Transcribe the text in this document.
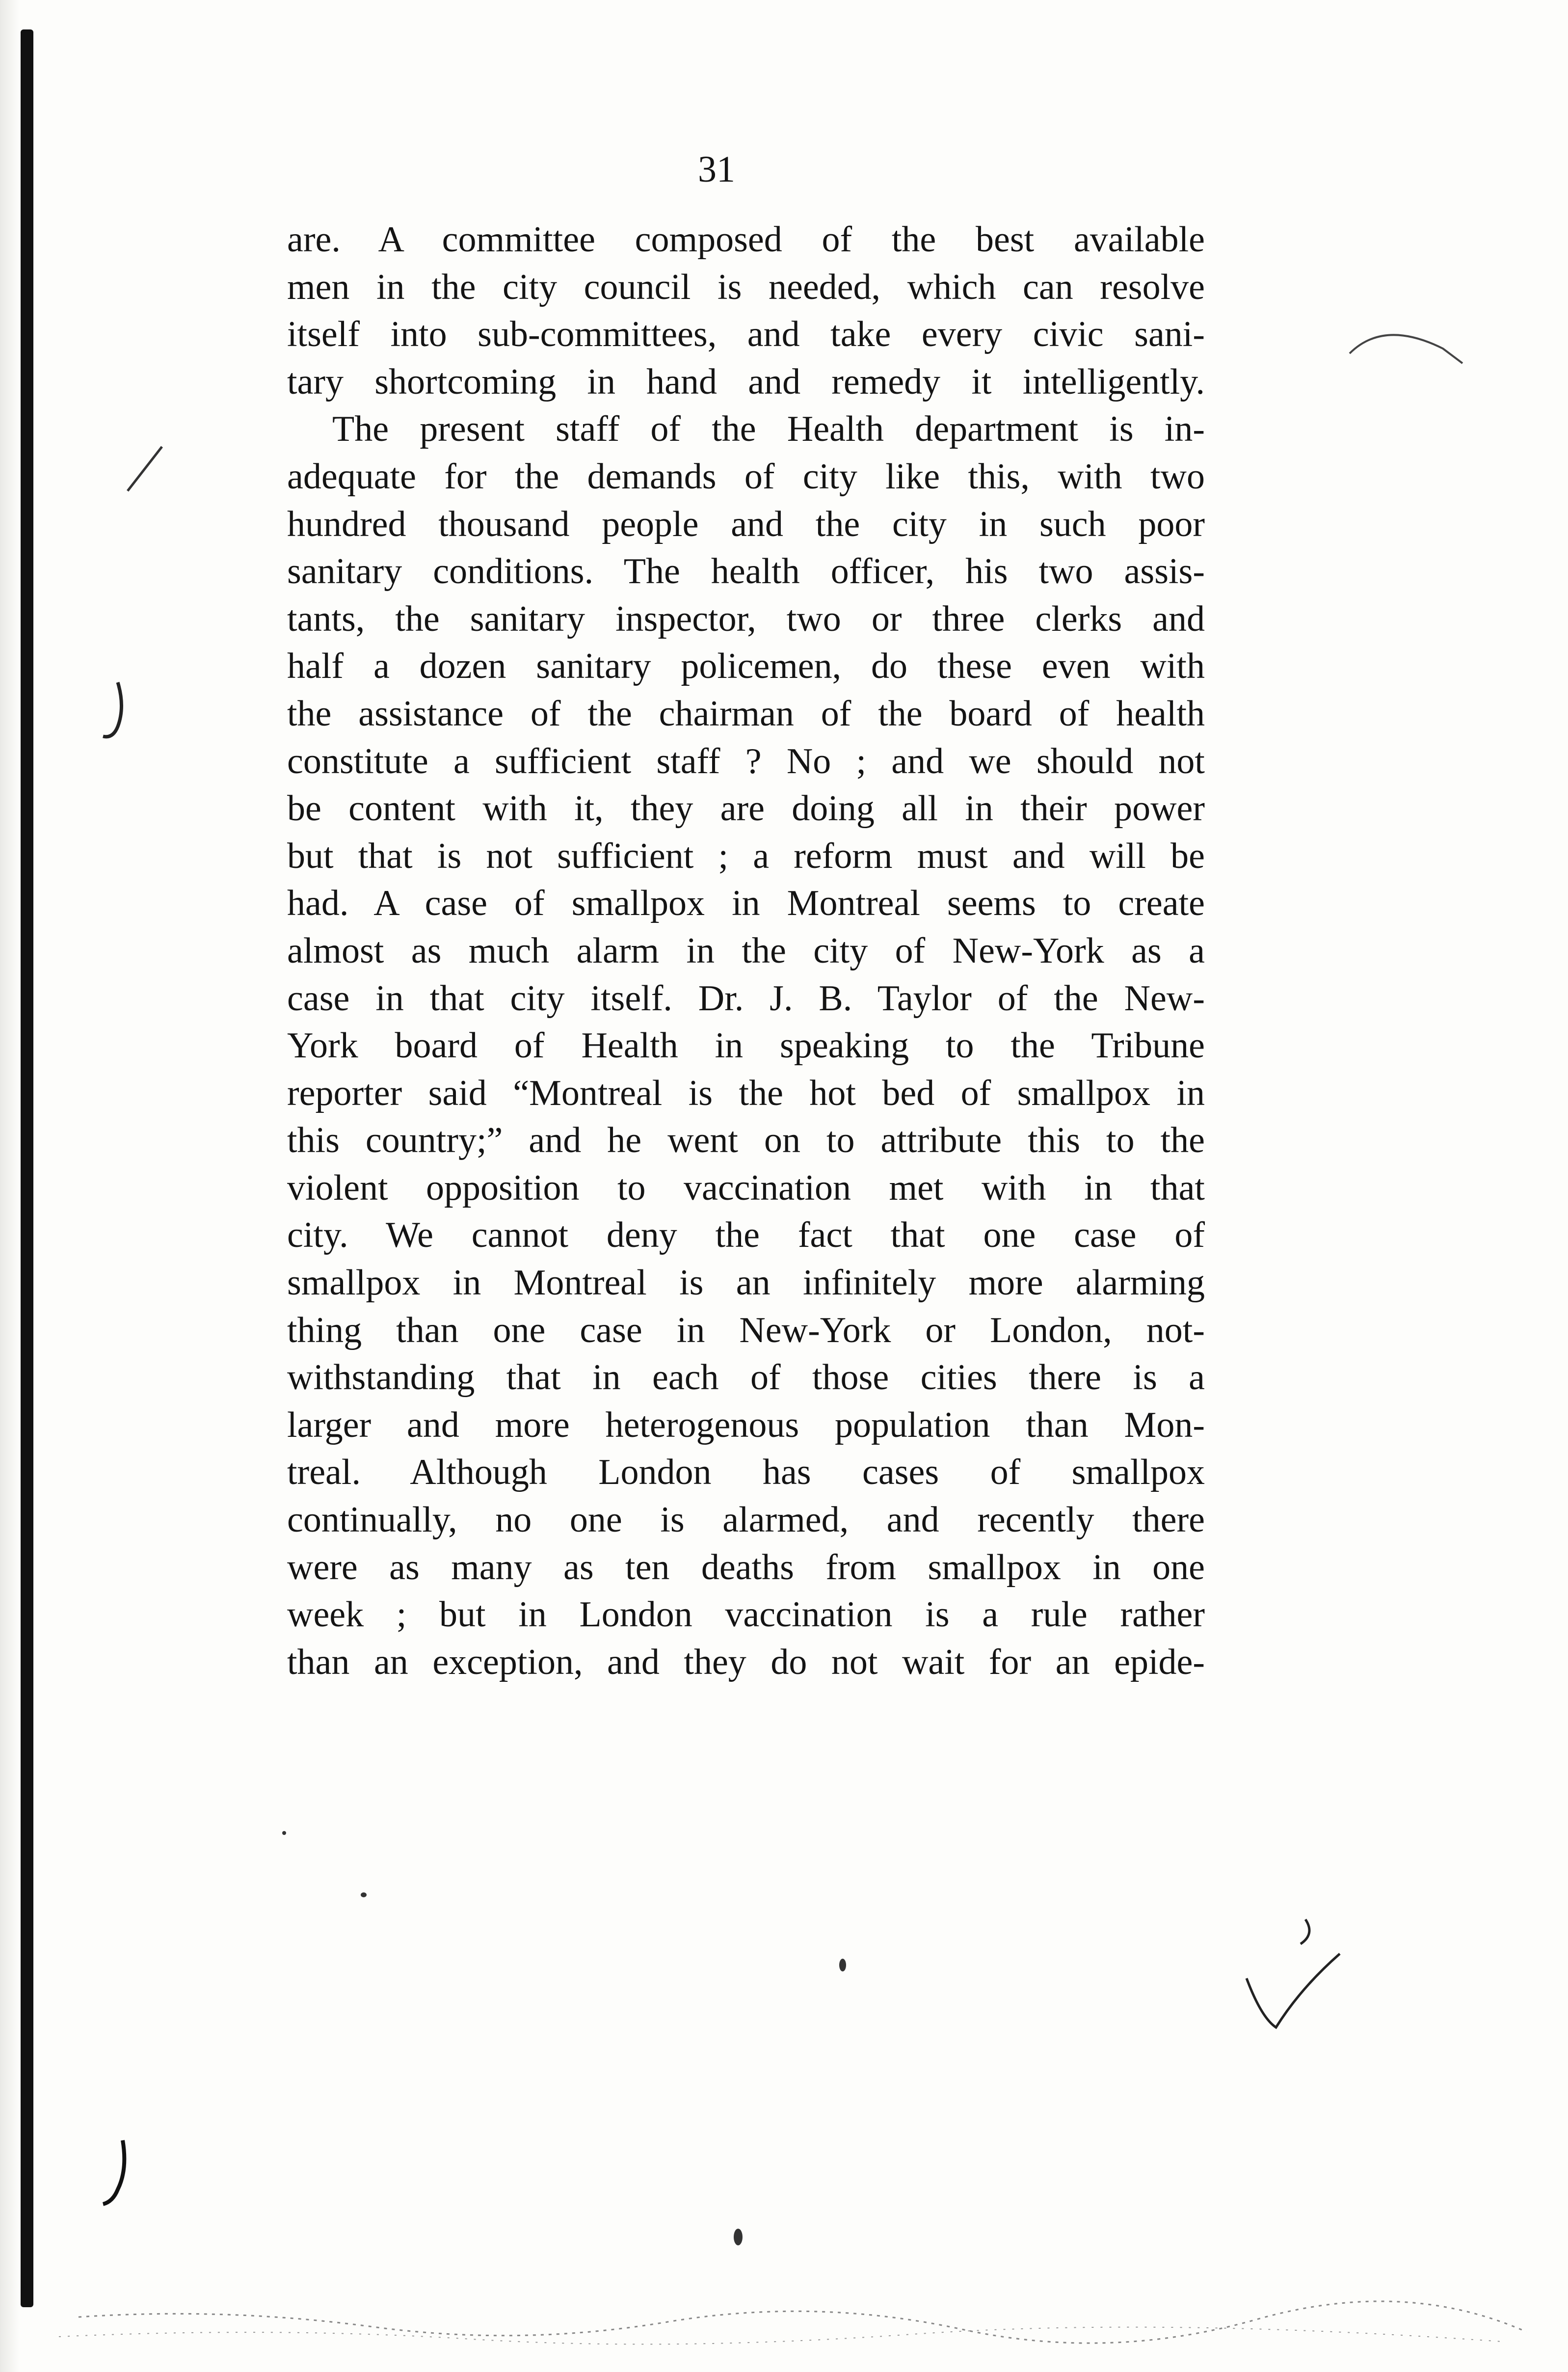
31
are. A committee composed of the best available
men in the city council is needed, which can resolve
itself into sub-committees, and take every civic sani-
tary shortcoming in hand and remedy it intelligently.
The present staff of the Health department is in-
adequate for the demands of city like this, with two
hundred thousand people and the city in such poor
sanitary conditions. The health officer, his two assis-
tants, the sanitary inspector, two or three clerks and
half a dozen sanitary policemen, do these even with
the assistance of the chairman of the board of health
constitute a sufficient staff ? No ; and we should not
be content with it, they are doing all in their power
but that is not sufficient ; a reform must and will be
had. A case of smallpox in Montreal seems to create
almost as much alarm in the city of New-York as a
case in that city itself. Dr. J. B. Taylor of the New-
York board of Health in speaking to the Tribune
reporter said “Montreal is the hot bed of smallpox in
this country;” and he went on to attribute this to the
violent opposition to vaccination met with in that
city. We cannot deny the fact that one case of
smallpox in Montreal is an infinitely more alarming
thing than one case in New-York or London, not-
withstanding that in each of those cities there is a
larger and more heterogenous population than Mon-
treal. Although London has cases of smallpox
continually, no one is alarmed, and recently there
were as many as ten deaths from smallpox in one
week ; but in London vaccination is a rule rather
than an exception, and they do not wait for an epide-
